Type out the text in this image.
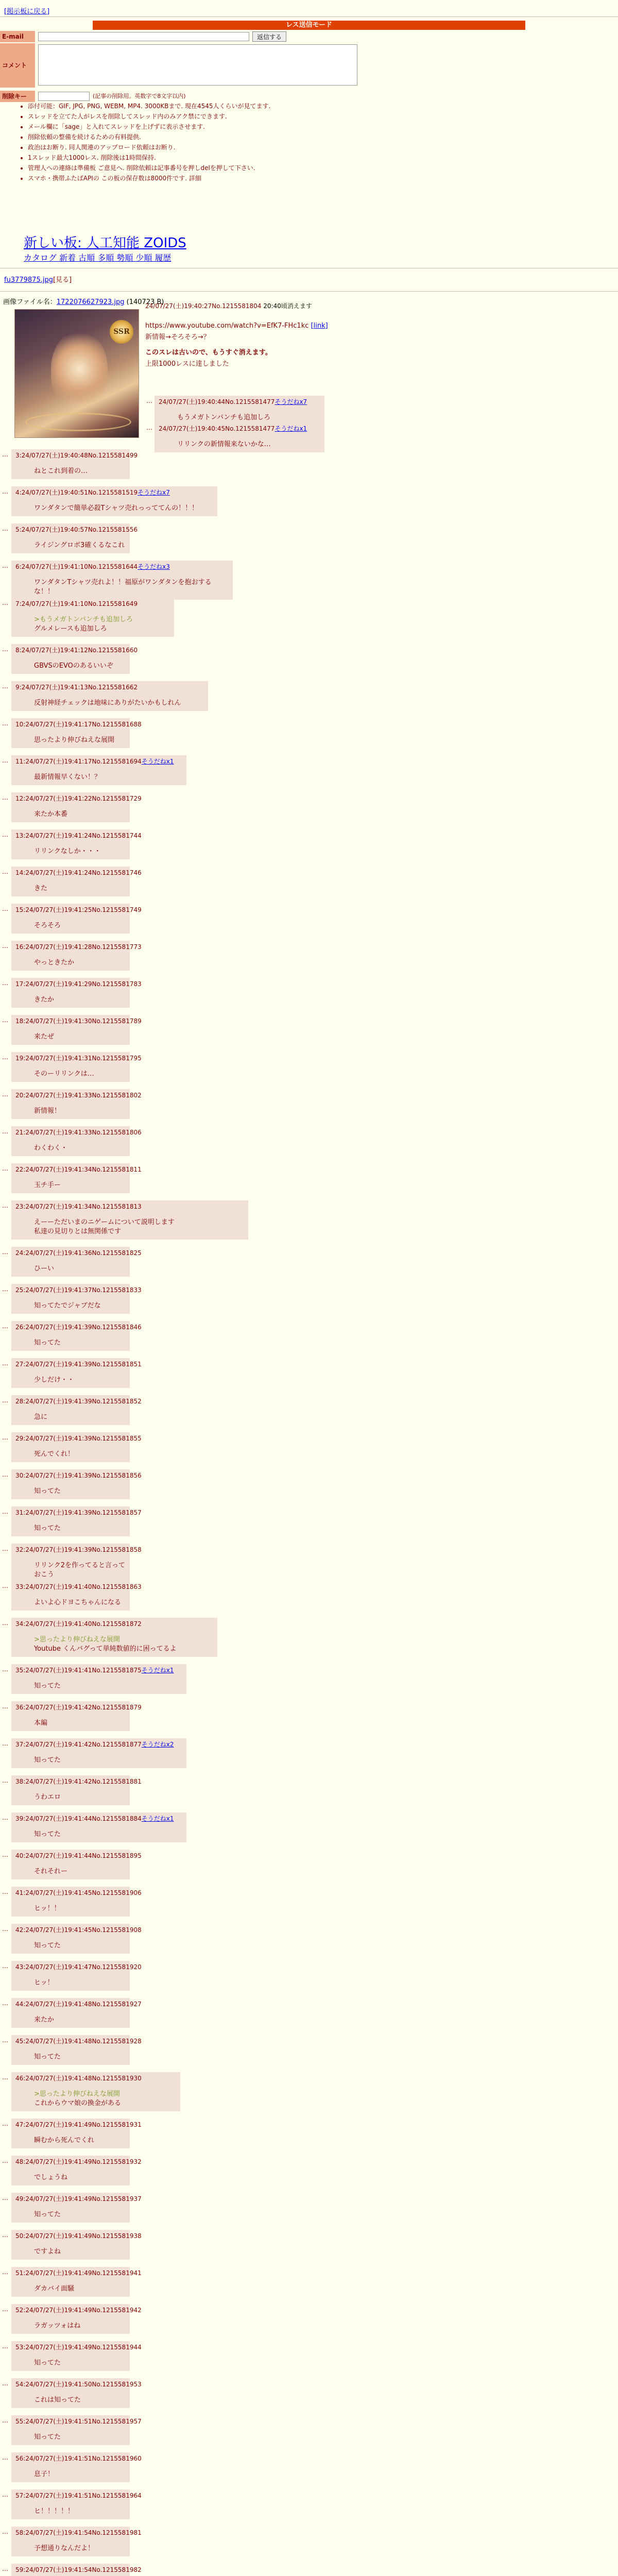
[掲示板に戻る]
レス送信モード
E-mail	返信する
コメント
削除キー	(記事の削除用。英数字で8文字以内)
• 添付可能：GIF, JPG, PNG, WEBM, MP4. 3000KBまで. 現在4545人くらいが見てます.
• スレッドを立てた人がレスを削除してスレッド内のみアク禁にできます.
• メール欄に「sage」と入れてスレッドを上げずに表示させます.
• 削除依頼の整備を続けるための有料提供.
• 政治はお断り. 同人関連のアップロード依頼はお断り.
• 1スレッド最大1000レス. 削除後は1時間保持.
• 管理人への連絡は準備板 ご意見へ. 削除依頼は記事番号を押しdelを押して下さい.
• スマホ・携帯ふたばAPIの この板の保存数は8000件です. 詳細
新しい板: 人工知能 ZOIDS
カタログ 新着 古順 多順 勢順 少順 履歴
fu3779875.jpg[見る]
画像ファイル名：1722076627923.jpg (140723 B)
SSR
24/07/27(土)19:40:27No.1215581804 20:40頃消えます
https://www.youtube.com/watch?v=EfK7-FHc1kc [link]
新情報→そろそろ→？
このスレは古いので、もうすぐ消えます。
上限1000レスに達しました
… 24/07/27(土)19:40:44No.1215581477そうだねx7
もうメガトンパンチも追加しろ
… 24/07/27(土)19:40:45No.1215581477そうだねx1
リリンクの新情報来ないかな…
… 3:24/07/27(土)19:40:48No.1215581499
ねとこれ到着の…
… 4:24/07/27(土)19:40:51No.1215581519そうだねx7
ワンダタンで簡単必殺Tシャツ売れっっててんの！！！
… 5:24/07/27(土)19:40:57No.1215581556
ライジングロボ3確くるなこれ
… 6:24/07/27(土)19:41:10No.1215581644そうだねx3
ワンダタンTシャツ売れよ！！福原がワンダタンを抱おするな！！
… 7:24/07/27(土)19:41:10No.1215581649
>もうメガトンパンチも追加しろ
グルメレースも追加しろ
… 8:24/07/27(土)19:41:12No.1215581660
GBVSのEVOのあるいいぞ
… 9:24/07/27(土)19:41:13No.1215581662
反射神経チェックは地味にありがたいかもしれん
… 10:24/07/27(土)19:41:17No.1215581688
思ったより伸びねえな展開
… 11:24/07/27(土)19:41:17No.1215581694そうだねx1
最新情報早くない！？
… 12:24/07/27(土)19:41:22No.1215581729
来たか本番
… 13:24/07/27(土)19:41:24No.1215581744
リリンクなしか・・・
… 14:24/07/27(土)19:41:24No.1215581746
きた
… 15:24/07/27(土)19:41:25No.1215581749
そろそろ
… 16:24/07/27(土)19:41:28No.1215581773
やっときたか
… 17:24/07/27(土)19:41:29No.1215581783
きたか
… 18:24/07/27(土)19:41:30No.1215581789
来たぜ
… 19:24/07/27(土)19:41:31No.1215581795
そのーリリンクは…
… 20:24/07/27(土)19:41:33No.1215581802
新情報！
… 21:24/07/27(土)19:41:33No.1215581806
わくわく・
… 22:24/07/27(土)19:41:34No.1215581811
玉チ手ー
… 23:24/07/27(土)19:41:34No.1215581813
えーーただいまのニゲームについて説明します
私達の見切りとは無関係です
… 24:24/07/27(土)19:41:36No.1215581825
ひーい
… 25:24/07/27(土)19:41:37No.1215581833
知ってたでジャブだな
… 26:24/07/27(土)19:41:39No.1215581846
知ってた
… 27:24/07/27(土)19:41:39No.1215581851
少しだけ・・
… 28:24/07/27(土)19:41:39No.1215581852
急に
… 29:24/07/27(土)19:41:39No.1215581855
死んでくれ！
… 30:24/07/27(土)19:41:39No.1215581856
知ってた
… 31:24/07/27(土)19:41:39No.1215581857
知ってた
… 32:24/07/27(土)19:41:39No.1215581858
リリンク2を作ってると言っておこう
… 33:24/07/27(土)19:41:40No.1215581863
よいよ心ドヨこちゃんになる
… 34:24/07/27(土)19:41:40No.1215581872
>思ったより伸びねえな展開
Youtube くんバグって単純数値的に困ってるよ
… 35:24/07/27(土)19:41:41No.1215581875そうだねx1
知ってた
… 36:24/07/27(土)19:41:42No.1215581879
本編
… 37:24/07/27(土)19:41:42No.1215581877そうだねx2
知ってた
… 38:24/07/27(土)19:41:42No.1215581881
うわエロ
… 39:24/07/27(土)19:41:44No.1215581884そうだねx1
知ってた
… 40:24/07/27(土)19:41:44No.1215581895
それそれー
… 41:24/07/27(土)19:41:45No.1215581906
ヒッ！！
… 42:24/07/27(土)19:41:45No.1215581908
知ってた
… 43:24/07/27(土)19:41:47No.1215581920
ヒッ！
… 44:24/07/27(土)19:41:48No.1215581927
来たか
… 45:24/07/27(土)19:41:48No.1215581928
知ってた
… 46:24/07/27(土)19:41:48No.1215581930
>思ったより伸びねえな展開
これからウマ娘の換金がある
… 47:24/07/27(土)19:41:49No.1215581931
瞬むから死んでくれ
… 48:24/07/27(土)19:41:49No.1215581932
でしょうね
… 49:24/07/27(土)19:41:49No.1215581937
知ってた
… 50:24/07/27(土)19:41:49No.1215581938
ですよね
… 51:24/07/27(土)19:41:49No.1215581941
ダカバイ面騒
… 52:24/07/27(土)19:41:49No.1215581942
ラガッツォはね
… 53:24/07/27(土)19:41:49No.1215581944
知ってた
… 54:24/07/27(土)19:41:50No.1215581953
これは知ってた
… 55:24/07/27(土)19:41:51No.1215581957
知ってた
… 56:24/07/27(土)19:41:51No.1215581960
息子！
… 57:24/07/27(土)19:41:51No.1215581964
ヒ！！！！！
… 58:24/07/27(土)19:41:54No.1215581981
予想通りなんだよ！
… 59:24/07/27(土)19:41:54No.1215581982
